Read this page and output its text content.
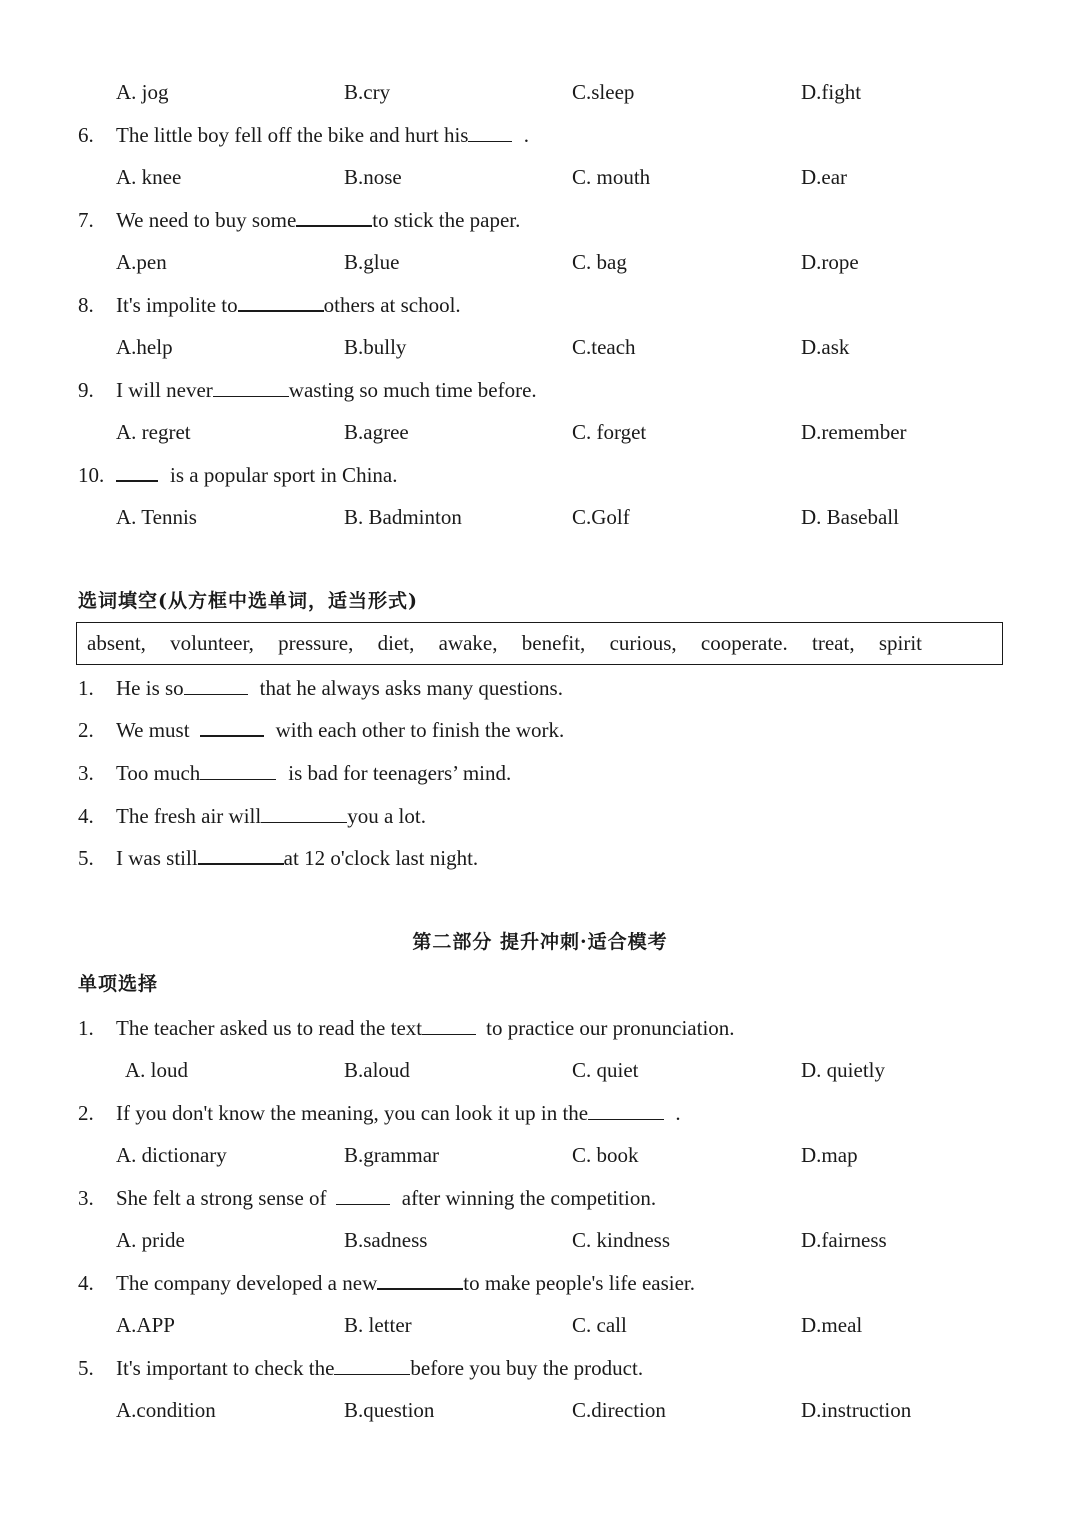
A. jog	B.cry	C.sleep	D.fight
6. The little boy fell off the bike and hurt his .
A. knee	B.nose	C. mouth	D.ear
7. We need to buy some	to stick the paper.
A.pen	B.glue	C. bag	D.rope
8. It's impolite to	others at school.
A.help	B.bully	C.teach	D.ask
9. I will never	wasting so much time before.
A. regret	B.agree	C. forget	D.remember
10.	is a popular sport in China.
A. Tennis	B. Badminton	C.Golf	D. Baseball
选词填空(从方框中选单词，适当形式)
absent, volunteer, pressure, diet, awake, benefit, curious, cooperate. treat, spirit
1. He is so	that he always asks many questions.
2. We must	with each other to finish the work.
3. Too much	is bad for teenagers’ mind.
4. The fresh air will	you a lot.
5. I was still	at 12 o'clock last night.
第二部分 提升冲刺·适合模考
单项选择
1. The teacher asked us to read the text	to practice our pronunciation.
A. loud	B.aloud	C. quiet	D. quietly
2. If you don't know the meaning, you can look it up in the	.
A. dictionary	B.grammar	C. book	D.map
3. She felt a strong sense of	after winning the competition.
A. pride	B.sadness	C. kindness	D.fairness
4. The company developed a new	to make people's life easier.
A.APP	B. letter	C. call	D.meal
5. It's important to check the	before you buy the product.
A.condition	B.question	C.direction	D.instruction
